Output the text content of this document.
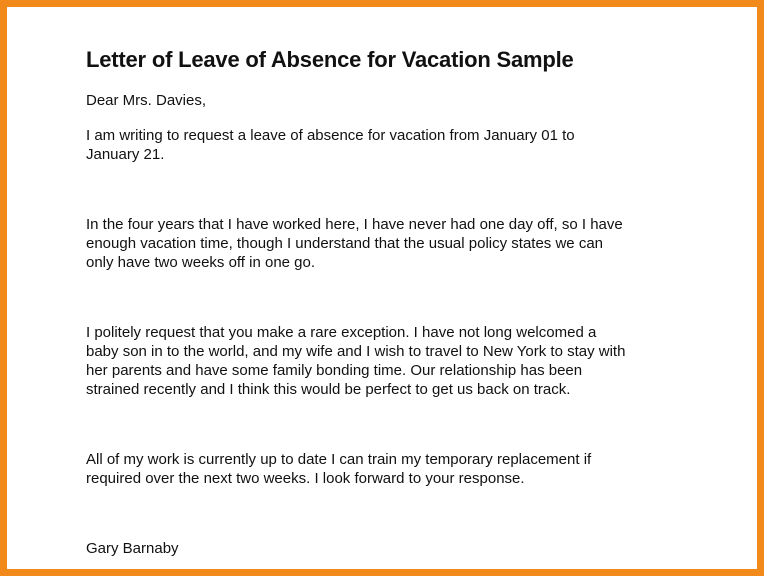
Letter of Leave of Absence for Vacation Sample

Dear Mrs. Davies,

I am writing to request a leave of absence for vacation from January 01 to
January 21.

In the four years that I have worked here, I have never had one day off, so I have
enough vacation time, though I understand that the usual policy states we can
only have two weeks off in one go.

I politely request that you make a rare exception. I have not long welcomed a
baby son in to the world, and my wife and I wish to travel to New York to stay with
her parents and have some family bonding time. Our relationship has been
strained recently and I think this would be perfect to get us back on track.

All of my work is currently up to date I can train my temporary replacement if
required over the next two weeks. I look forward to your response.

Gary Barnaby
